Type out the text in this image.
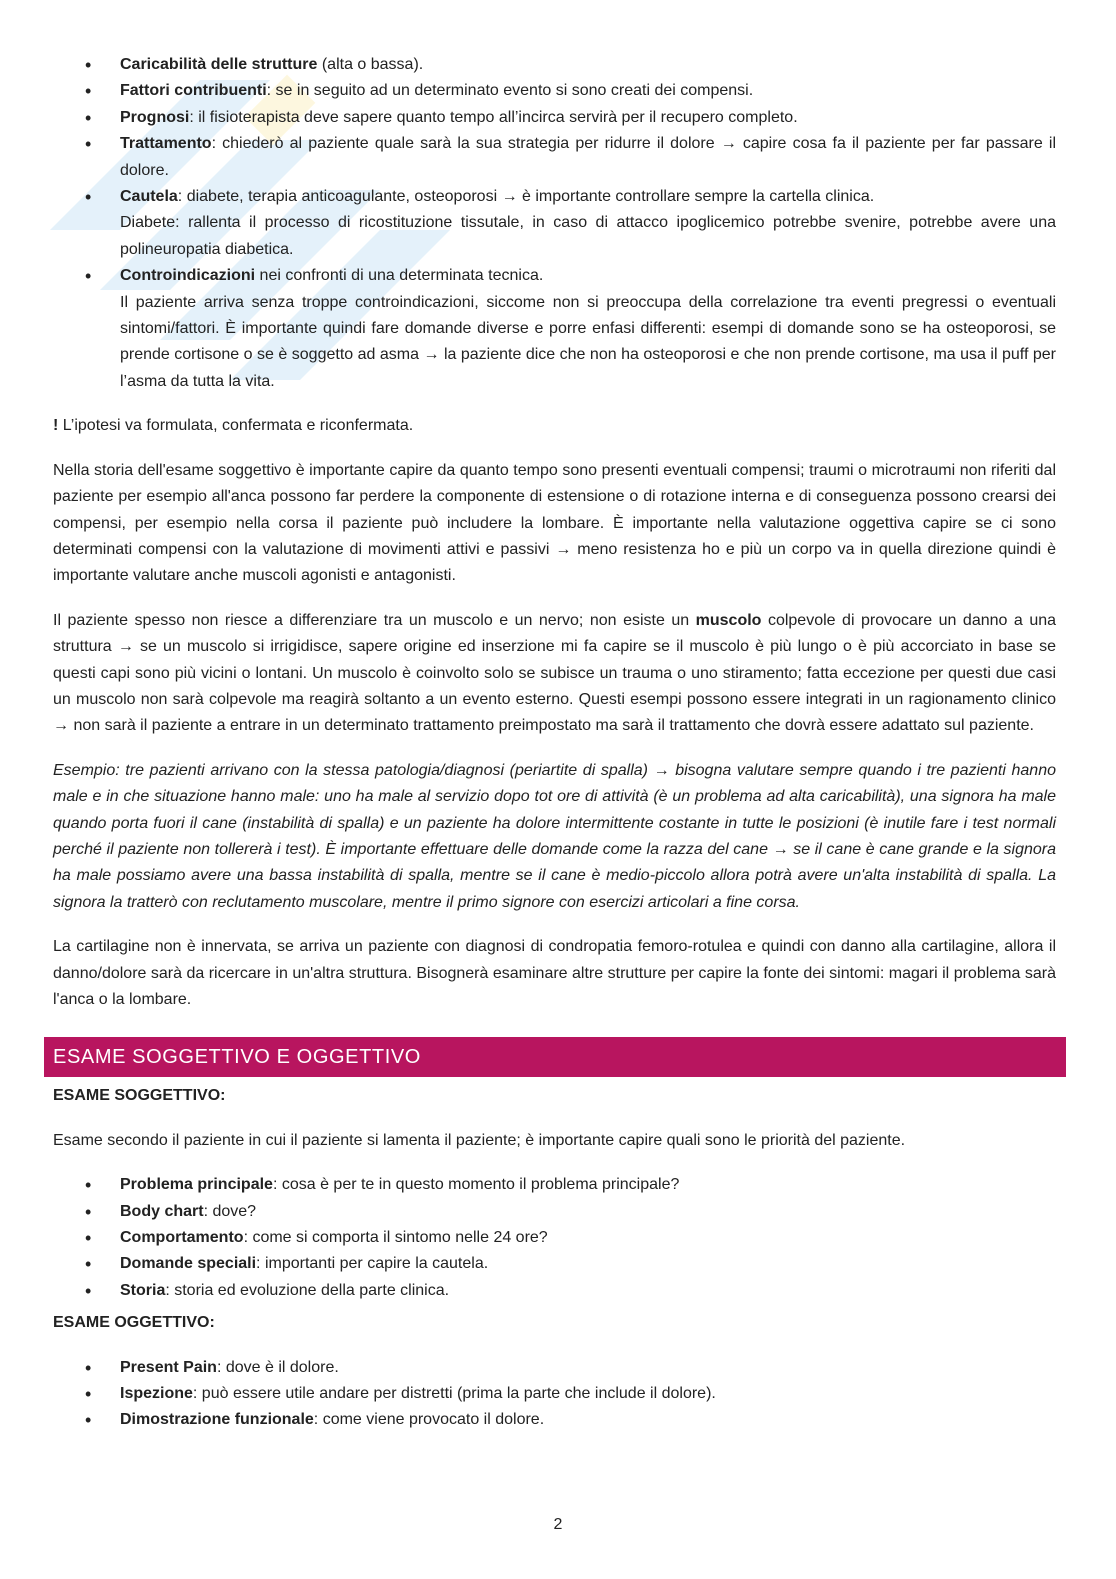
• Caricabilità delle strutture (alta o bassa).
• Fattori contribuenti: se in seguito ad un determinato evento si sono creati dei compensi.
• Prognosi: il fisioterapista deve sapere quanto tempo all’incirca servirà per il recupero completo.
• Trattamento: chiederò al paziente quale sarà la sua strategia per ridurre il dolore → capire cosa fa il paziente per far passare il dolore.
• Cautela: diabete, terapia anticoagulante, osteoporosi → è importante controllare sempre la cartella clinica.
Diabete: rallenta il processo di ricostituzione tissutale, in caso di attacco ipoglicemico potrebbe svenire, potrebbe avere una polineuropatia diabetica.
• Controindicazioni nei confronti di una determinata tecnica.
Il paziente arriva senza troppe controindicazioni, siccome non si preoccupa della correlazione tra eventi pregressi o eventuali sintomi/fattori. È importante quindi fare domande diverse e porre enfasi differenti: esempi di domande sono se ha osteoporosi, se prende cortisone o se è soggetto ad asma → la paziente dice che non ha osteoporosi e che non prende cortisone, ma usa il puff per l’asma da tutta la vita.

! L’ipotesi va formulata, confermata e riconfermata.

Nella storia dell'esame soggettivo è importante capire da quanto tempo sono presenti eventuali compensi; traumi o microtraumi non riferiti dal paziente per esempio all'anca possono far perdere la componente di estensione o di rotazione interna e di conseguenza possono crearsi dei compensi, per esempio nella corsa il paziente può includere la lombare. È importante nella valutazione oggettiva capire se ci sono determinati compensi con la valutazione di movimenti attivi e passivi → meno resistenza ho e più un corpo va in quella direzione quindi è importante valutare anche muscoli agonisti e antagonisti.

Il paziente spesso non riesce a differenziare tra un muscolo e un nervo; non esiste un muscolo colpevole di provocare un danno a una struttura → se un muscolo si irrigidisce, sapere origine ed inserzione mi fa capire se il muscolo è più lungo o è più accorciato in base se questi capi sono più vicini o lontani. Un muscolo è coinvolto solo se subisce un trauma o uno stiramento; fatta eccezione per questi due casi un muscolo non sarà colpevole ma reagirà soltanto a un evento esterno. Questi esempi possono essere integrati in un ragionamento clinico → non sarà il paziente a entrare in un determinato trattamento preimpostato ma sarà il trattamento che dovrà essere adattato sul paziente.

Esempio: tre pazienti arrivano con la stessa patologia/diagnosi (periartite di spalla) → bisogna valutare sempre quando i tre pazienti hanno male e in che situazione hanno male: uno ha male al servizio dopo tot ore di attività (è un problema ad alta caricabilità), una signora ha male quando porta fuori il cane (instabilità di spalla) e un paziente ha dolore intermittente costante in tutte le posizioni (è inutile fare i test normali perché il paziente non tollererà i test). È importante effettuare delle domande come la razza del cane → se il cane è cane grande e la signora ha male possiamo avere una bassa instabilità di spalla, mentre se il cane è medio-piccolo allora potrà avere un'alta instabilità di spalla. La signora la tratterò con reclutamento muscolare, mentre il primo signore con esercizi articolari a fine corsa.

La cartilagine non è innervata, se arriva un paziente con diagnosi di condropatia femoro-rotulea e quindi con danno alla cartilagine, allora il danno/dolore sarà da ricercare in un'altra struttura. Bisognerà esaminare altre strutture per capire la fonte dei sintomi: magari il problema sarà l'anca o la lombare.

ESAME SOGGETTIVO E OGGETTIVO

ESAME SOGGETTIVO:

Esame secondo il paziente in cui il paziente si lamenta il paziente; è importante capire quali sono le priorità del paziente.

• Problema principale: cosa è per te in questo momento il problema principale?
• Body chart: dove?
• Comportamento: come si comporta il sintomo nelle 24 ore?
• Domande speciali: importanti per capire la cautela.
• Storia: storia ed evoluzione della parte clinica.

ESAME OGGETTIVO:

• Present Pain: dove è il dolore.
• Ispezione: può essere utile andare per distretti (prima la parte che include il dolore).
• Dimostrazione funzionale: come viene provocato il dolore.
2
